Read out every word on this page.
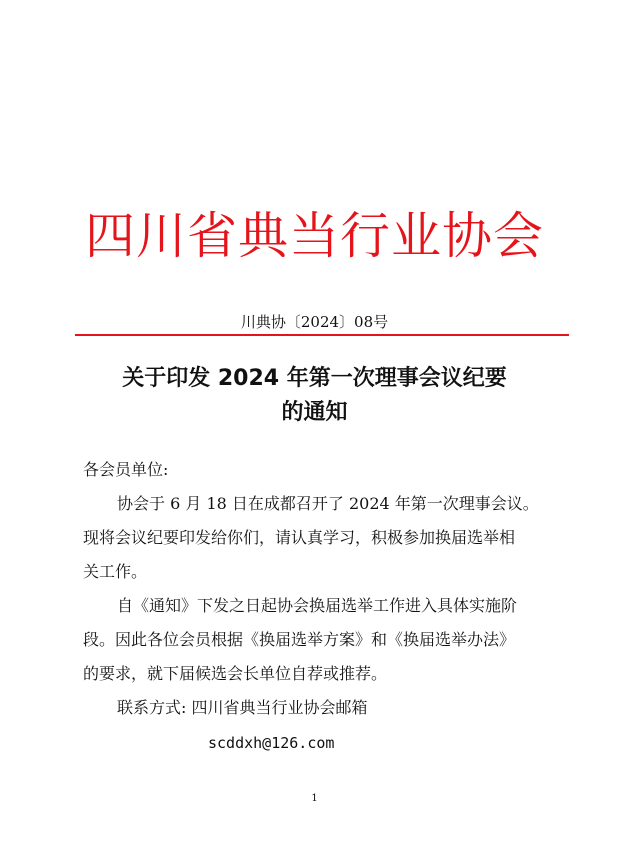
四川省典当行业协会
川典协〔2024〕08号
关于印发 2024 年第一次理事会议纪要
的通知
各会员单位:
协会于 6 月 18 日在成都召开了 2024 年第一次理事会议。
现将会议纪要印发给你们，请认真学习，积极参加换届选举相
关工作。
自《通知》下发之日起协会换届选举工作进入具体实施阶
段。因此各位会员根据《换届选举方案》和《换届选举办法》
的要求，就下届候选会长单位自荐或推荐。
联系方式: 四川省典当行业协会邮箱
scddxh@126.com
1
